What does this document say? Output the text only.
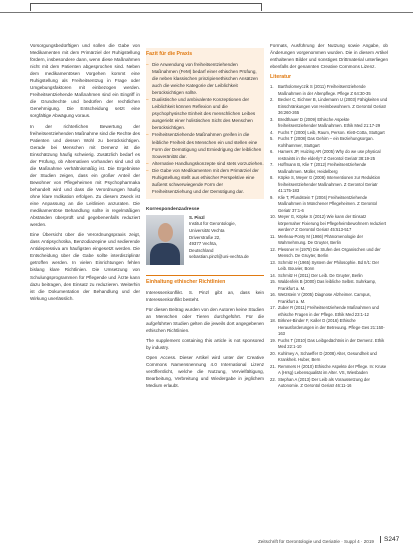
Vorsorgungsbedürftigen und sollen die Gabe von Medikamenten mit dem Primärziel der Ruhigstellung fördern, insbesondere dann, wenn diese Maßnahmen nicht mit dem Patienten abgesprochen sind. Neben dem medikamentösen Vorgehen kommt eine Ruhigstellung als Freiheitsentzug in Frage oder Umgebungsfaktoren mit einbezogen werden. Freiheitsentziehende Maßnahmen sind ein Eingriff in die Grundrechte und bedürfen der rechtlichen Genehmigung. Die Entscheidung setzt eine sorgfältige Abwägung voraus.

In der richterlichen Bewertung der freiheitsentziehenden Maßnahme sind die Rechte des Patienten und dessen Wohl zu berücksichtigen. Gerade bei Menschen mit Demenz ist die Einschätzung häufig schwierig. Zusätzlich bedarf es der Prüfung, ob Alternativen vorhanden sind und ob die Maßnahme verhältnismäßig ist. Die Ergebnisse der Studien zeigen, dass ein großer Anteil der Bewohner von Pflegeheimen mit Psychopharmaka behandelt wird und dass die Verordnungen häufig ohne klare Indikation erfolgen. Zu diesem Zweck ist eine Anpassung an die Leitlinien anzuraten. Die medikamentöse Behandlung sollte in regelmäßigen Abständen überprüft und gegebenenfalls reduziert werden.

Eine Übersicht über die Verordnungspraxis zeigt, dass Antipsychotika, Benzodiazepine und sedierende Antidepressiva am häufigsten eingesetzt werden. Die Entscheidung über die Gabe sollte interdisziplinär getroffen werden. In vielen Einrichtungen fehlen bislang klare Richtlinien. Die Umsetzung von Schulungsprogrammen für Pflegende und Ärzte kann dazu beitragen, den Einsatz zu reduzieren. Weiterhin ist die Dokumentation der Behandlung und der Wirkung unerlässlich.

Fazit für die Praxis
– Die Anwendung von freiheitsentziehenden Maßnahmen (FeM) bedarf einer ethischen Prüfung, die neben klassischen prinzipienethischen Ansätzen auch die weiche Kategorie der Leiblichkeit berücksichtigen sollte.
– Dualistische und ambivalente Konzeptionen der Leiblichkeit können Reflexion und die psychophysische Einheit des menschlichen Leibes ausgeriebt einer holistischen Sicht des Menschen berücksichtigen.
– Freiheitsentziehende Maßnahmen greifen in die leibliche Freiheit des Menschen ein und stellen eine Form der Demütigung und Erniedrigung der leiblichen Souveränität dar.
– Alternative Handlungskonzepte sind stets vorzuziehen.
– Die Gabe von Medikamenten mit dem Primärziel der Ruhigstellung stellt aus ethischer Perspektive eine äußerst schwerwiegende Form der Freiheitsentziehung und der Demütigung dar.
Korrespondenzadresse
S. Pinzl
Institut für Gerontologie,
Universität Vechta
Driverstraße 22,
49377 Vechta,
Deutschland
sebastian.pinzl@uni-vechta.de
Einhaltung ethischer Richtlinien

Interessenkonflikt. S. Pinzl gibt an, dass kein Interessenkonflikt besteht.

Für diesen Beitrag wurden von den Autoren keine Studien an Menschen oder Tieren durchgeführt. Für die aufgeführten Studien gelten die jeweils dort angegebenen ethischen Richtlinien.

The supplement containing this article is not sponsored by industry.

Open Access. Dieser Artikel wird unter der Creative Commons Namensnennung 4.0 International Lizenz veröffentlicht, welche die Nutzung, Vervielfältigung, Bearbeitung, Verbreitung und Wiedergabe in jeglichem Medium erlaubt.

Formats, Ausführung der Nutzung sowie Angabe, ob Änderungen vorgenommen wurden. Die in diesem Artikel enthaltenen Bilder und sonstiges Drittmaterial unterliegen ebenfalls der genannten Creative Commons Lizenz.
Literatur
1. Bartholomeyczik S (2011) Freiheitsentziehende Maßnahmen in der Altenpflege. Pflege Z 64:30-35
2. Becker C, Eichner B, Lindemann U (2003) Fähigkeiten und Einschränkungen von Heimbewohnern. Z Gerontol Geriatr 36:260-265
3. Bredthauer D (2009) Ethische Aspekte freiheitsentziehender Maßnahmen. Ethik Med 21:17-29
4. Fuchs T (2000) Leib, Raum, Person. Klett-Cotta, Stuttgart
5. Fuchs T (2008) Das Gehirn – ein Beziehungsorgan. Kohlhammer, Stuttgart
6. Hamers JP, Huizing AR (2005) Why do we use physical restraints in the elderly? Z Gerontol Geriatr 38:19-25
7. Hoffmann B, Klie T (2012) Freiheitsentziehende Maßnahmen. Müller, Heidelberg
8. Köpke S, Meyer G (2008) Interventionen zur Reduktion freiheitsentziehender Maßnahmen. Z Gerontol Geriatr 41:175-183
9. Klie T, Pfundstein T (2004) Freiheitsentziehende Maßnahmen in Münchener Pflegeheimen. Z Gerontol Geriatr 37:1-6
10. Meyer G, Köpke S (2012) Wie kann der Einsatz körpernaher Fixierung bei Pflegeheimbewohnern reduziert werden? Z Gerontol Geriatr 45:513-517
11. Merleau-Ponty M (1966) Phänomenologie der Wahrnehmung. De Gruyter, Berlin
12. Plessner H (1975) Die Stufen des Organischen und der Mensch. De Gruyter, Berlin
13. Schmitz H (1965) System der Philosophie. Bd II/1: Der Leib. Bouvier, Bonn
14. Schmitz H (2011) Der Leib. De Gruyter, Berlin
15. Waldenfels B (2000) Das leibliche Selbst. Suhrkamp, Frankfurt a. M.
16. Wetzstein V (2005) Diagnose Alzheimer. Campus, Frankfurt a. M.
17. Zuber R (2011) Freiheitsentziehende Maßnahmen und ethische Fragen in der Pflege. Ethik Med 23:1-12
18. Birkner-Binder F, Kaller D (2016) Ethische Herausforderungen in der Betreuung. Pflege Ges 21:150-163
19. Fuchs T (2010) Das Leibgedächtnis in der Demenz. Ethik Med 22:1-10
20. Kuhlmey A, Schaeffer D (2008) Alter, Gesundheit und Krankheit. Huber, Bern
21. Remmers H (2010) Ethische Aspekte der Pflege. In: Kruse A (Hrsg) Lebensqualität im Alter. VS, Wiesbaden
22. Stephan A (2013) Der Leib als Voraussetzung der Autonomie. Z Gerontol Geriatr 46:11-16
Zeitschrift für Gerontologie und Geriatrie · Suppl 4 · 2019	S247
